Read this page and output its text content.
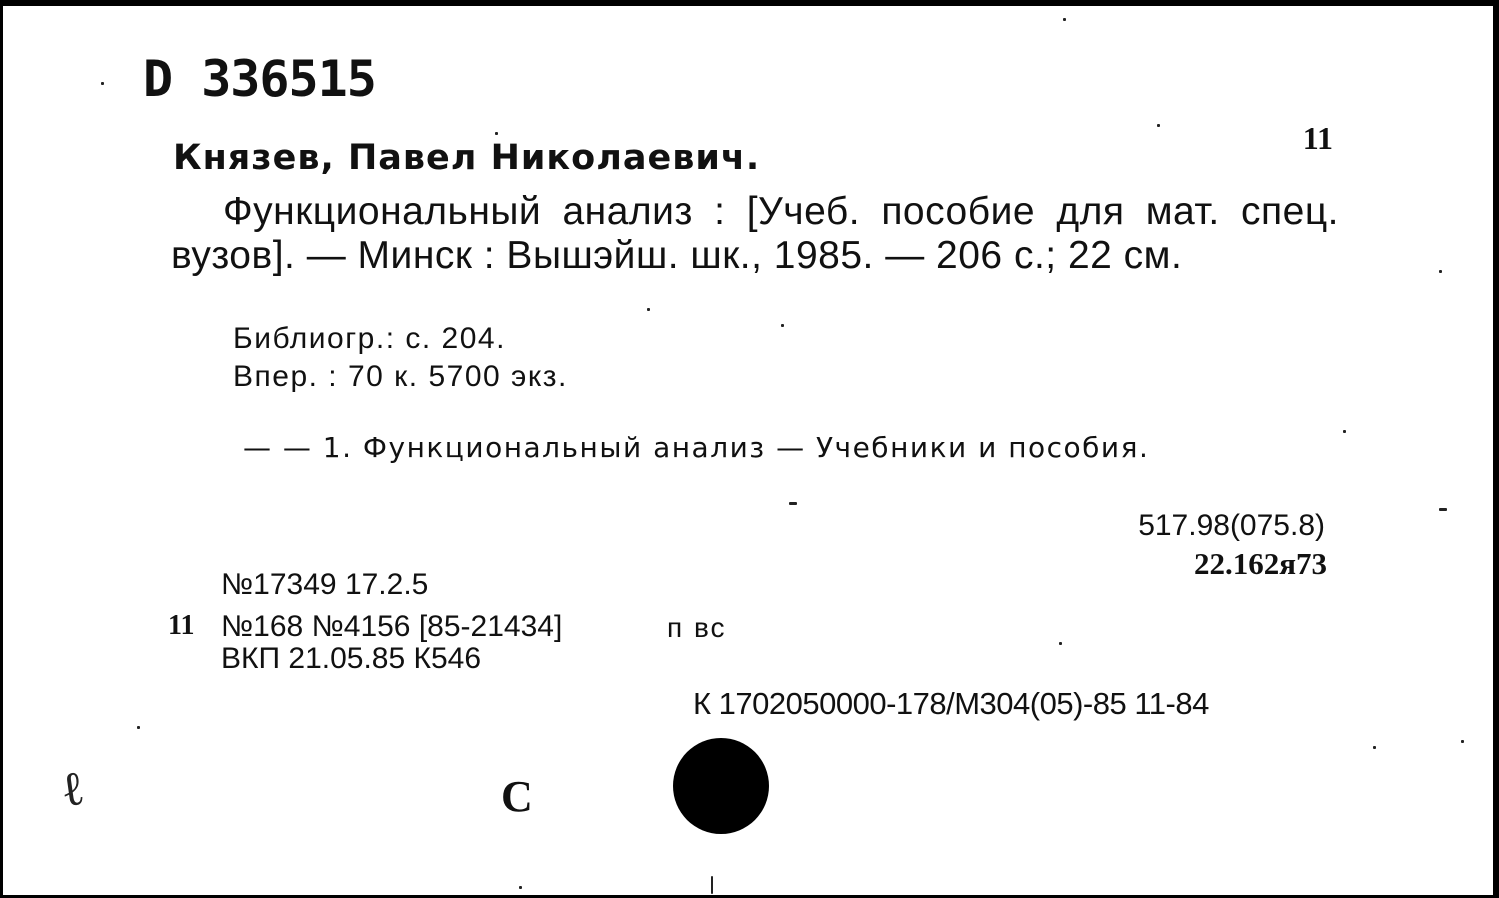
D 336515
11
Князев, Павел Николаевич.
Функциональный анализ : [Учеб. пособие для мат. спец. вузов]. — Минск : Вышэйш. шк., 1985. — 206 с.; 22 см.
Библиогр.: с. 204.
Впер. : 70 к. 5700 экз.
— — 1. Функциональный анализ — Учебники и пособия.
517.98(075.8)
22.162я73
№17349 17.2.5
11 №168 №4156 [85-21434]	п вс
ВКП 21.05.85 К546
К 1702050000-178/М304(05)-85 11-84
С
ℓ
